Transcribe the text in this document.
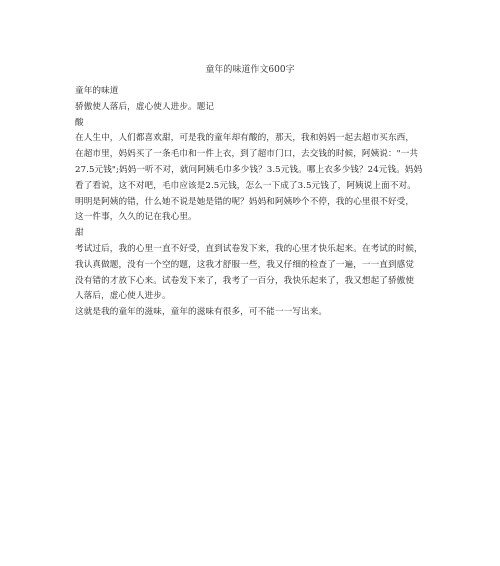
童年的味道作文600字
童年的味道
骄傲使人落后，虚心使人进步。题记
酸
在人生中，人们都喜欢甜，可是我的童年却有酸的，那天，我和妈妈一起去超市买东西，
在超市里，妈妈买了一条毛巾和一件上衣，到了超市门口，去交钱的时候，阿姨说："一共
27.5元钱";妈妈一听不对，就问阿姨毛巾多少钱？3.5元钱。哪上衣多少钱？24元钱。妈妈
看了看说，这不对吧，毛巾应该是2.5元钱，怎么一下成了3.5元钱了，阿姨说上面不对。
明明是阿姨的错，什么她不说是她是错的呢？妈妈和阿姨吵个不停，我的心里很不好受，
这一件事，久久的记在我心里。
甜
考试过后，我的心里一直不好受，直到试卷发下来，我的心里才快乐起来。在考试的时候，
我认真做题，没有一个空的题，这我才舒服一些，我又仔细的检查了一遍，一一直到感觉
没有错的才放下心来。试卷发下来了，我考了一百分，我快乐起来了，我又想起了骄傲使
人落后，虚心使人进步。
这就是我的童年的滋味，童年的滋味有很多，可不能一一写出来。
